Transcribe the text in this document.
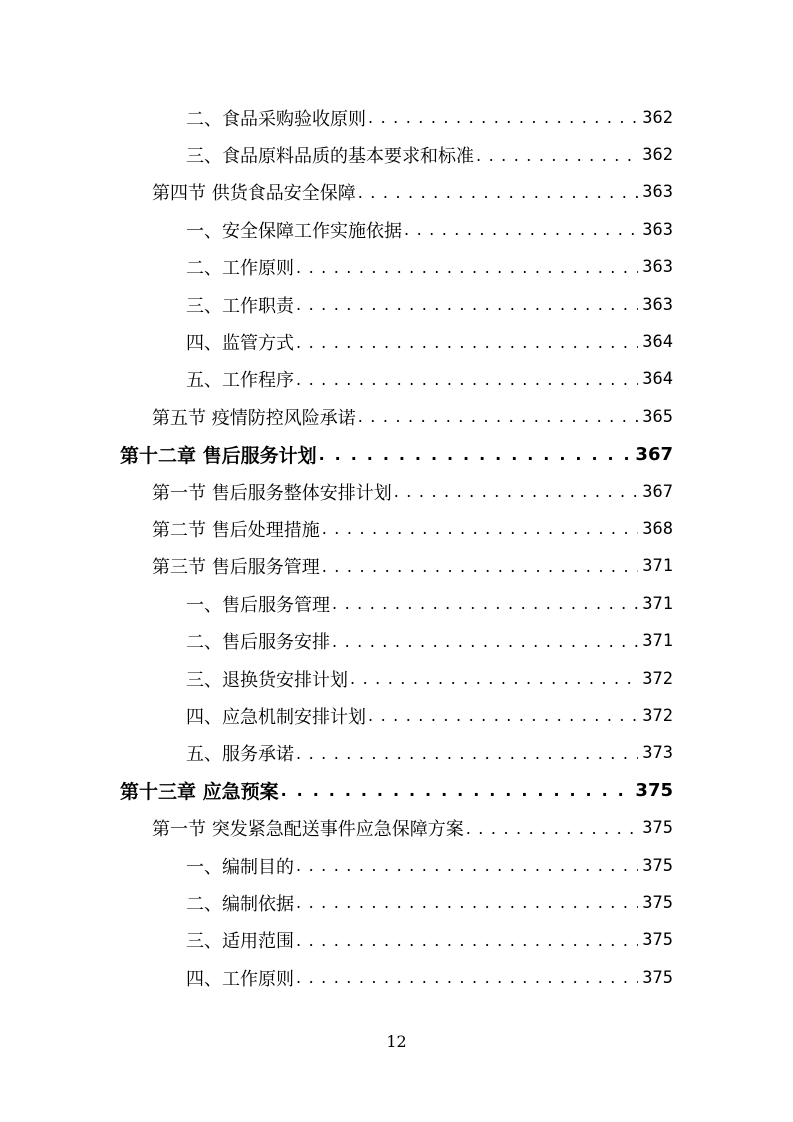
二、食品采购验收原则 . . .	362
三、食品原料品质的基本要求和标准 . . .	362
第四节 供货食品安全保障 . . .	363
一、安全保障工作实施依据 . . .	363
二、工作原则 . . .	363
三、工作职责 . . .	363
四、监管方式 . . .	364
五、工作程序 . . .	364
第五节 疫情防控风险承诺 . . .	365
第十二章 售后服务计划 . . .	367
第一节 售后服务整体安排计划 . . .	367
第二节 售后处理措施 . . .	368
第三节 售后服务管理 . . .	371
一、售后服务管理 . . .	371
二、售后服务安排 . . .	371
三、退换货安排计划 . . .	372
四、应急机制安排计划 . . .	372
五、服务承诺 . . .	373
第十三章 应急预案 . . .	375
第一节 突发紧急配送事件应急保障方案 . . .	375
一、编制目的 . . .	375
二、编制依据 . . .	375
三、适用范围 . . .	375
四、工作原则 . . .	375
12
